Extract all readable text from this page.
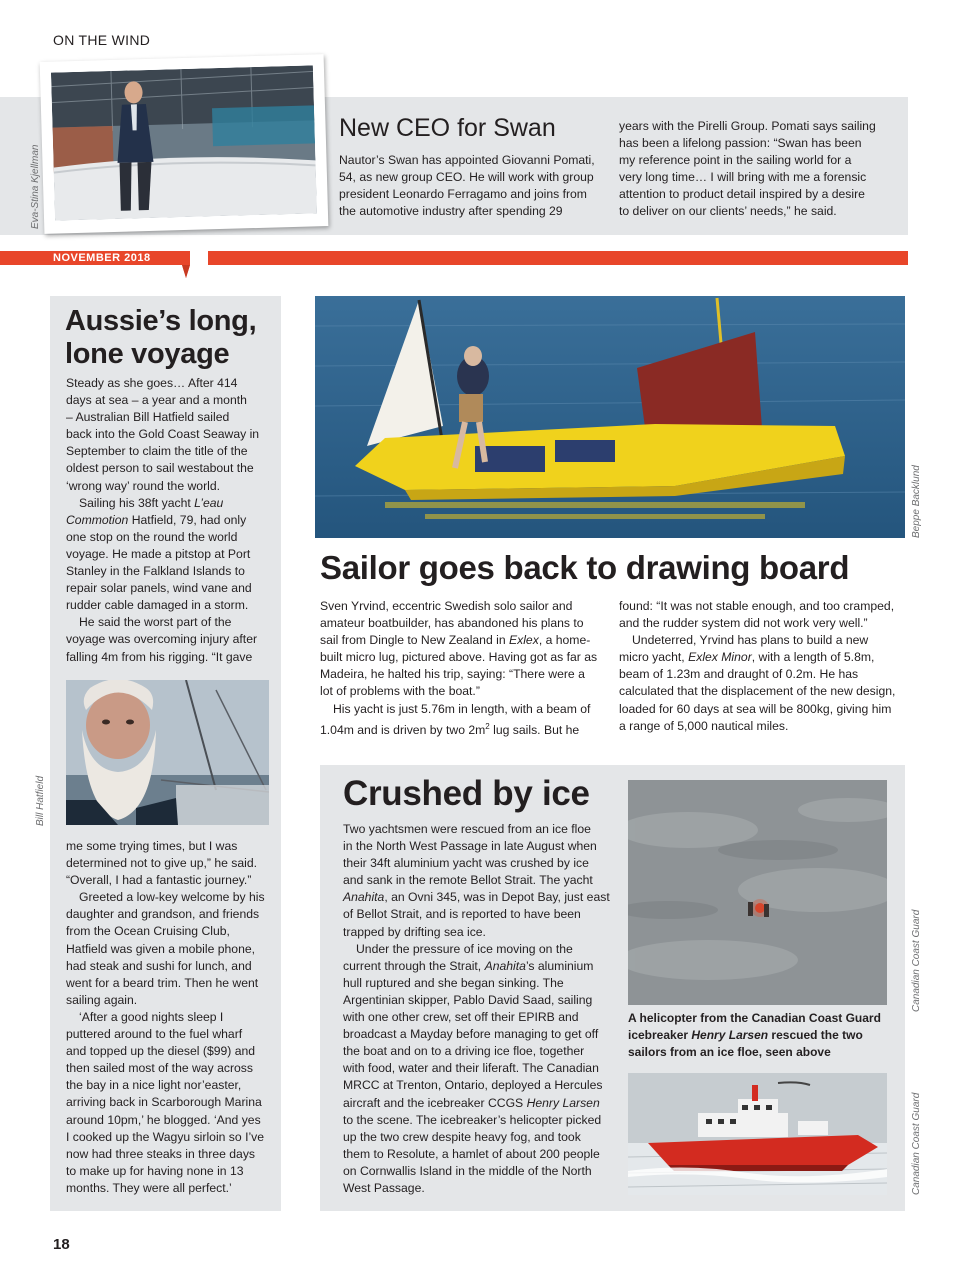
ON THE WIND
Eva-Stina Kjellman
New CEO for Swan
Nautor’s Swan has appointed Giovanni Pomati,
54, as new group CEO. He will work with group
president Leonardo Ferragamo and joins from
the automotive industry after spending 29
years with the Pirelli Group. Pomati says sailing
has been a lifelong passion: “Swan has been
my reference point in the sailing world for a
very long time… I will bring with me a forensic
attention to product detail inspired by a desire
to deliver on our clients’ needs,” he said.
NOVEMBER 2018
Aussie’s long,
lone voyage
Steady as she goes… After 414
days at sea – a year and a month
– Australian Bill Hatfield sailed
back into the Gold Coast Seaway in
September to claim the title of the
oldest person to sail westabout the
‘wrong way’ round the world.
Sailing his 38ft yacht L’eau
Commotion Hatfield, 79, had only
one stop on the round the world
voyage. He made a pitstop at Port
Stanley in the Falkland Islands to
repair solar panels, wind vane and
rudder cable damaged in a storm.
He said the worst part of the
voyage was overcoming injury after
falling 4m from his rigging. “It gave
Bill Hatfield
me some trying times, but I was
determined not to give up,” he said.
“Overall, I had a fantastic journey.”
Greeted a low-key welcome by his
daughter and grandson, and friends
from the Ocean Cruising Club,
Hatfield was given a mobile phone,
had steak and sushi for lunch, and
went for a beard trim. Then he went
sailing again.
‘After a good nights sleep I
puttered around to the fuel wharf
and topped up the diesel ($99) and
then sailed most of the way across
the bay in a nice light nor’easter,
arriving back in Scarborough Marina
around 10pm,’ he blogged. ‘And yes
I cooked up the Wagyu sirloin so I’ve
now had three steaks in three days
to make up for having none in 13
months. They were all perfect.’
Beppe Backlund
Sailor goes back to drawing board
Sven Yrvind, eccentric Swedish solo sailor and
amateur boatbuilder, has abandoned his plans to
sail from Dingle to New Zealand in Exlex, a home-
built micro lug, pictured above. Having got as far as
Madeira, he halted his trip, saying: “There were a
lot of problems with the boat.”
His yacht is just 5.76m in length, with a beam of
1.04m and is driven by two $2m^2$ lug sails. But he
found: “It was not stable enough, and too cramped,
and the rudder system did not work very well.”
Undeterred, Yrvind has plans to build a new
micro yacht, Exlex Minor, with a length of 5.8m,
beam of 1.23m and draught of 0.2m. He has
calculated that the displacement of the new design,
loaded for 60 days at sea will be 800kg, giving him
a range of 5,000 nautical miles.
Crushed by ice
Two yachtsmen were rescued from an ice floe
in the North West Passage in late August when
their 34ft aluminium yacht was crushed by ice
and sank in the remote Bellot Strait. The yacht
Anahita, an Ovni 345, was in Depot Bay, just east
of Bellot Strait, and is reported to have been
trapped by drifting sea ice.
Under the pressure of ice moving on the
current through the Strait, Anahita’s aluminium
hull ruptured and she began sinking. The
Argentinian skipper, Pablo David Saad, sailing
with one other crew, set off their EPIRB and
broadcast a Mayday before managing to get off
the boat and on to a driving ice floe, together
with food, water and their liferaft. The Canadian
MRCC at Trenton, Ontario, deployed a Hercules
aircraft and the icebreaker CCGS Henry Larsen
to the scene. The icebreaker’s helicopter picked
up the two crew despite heavy fog, and took
them to Resolute, a hamlet of about 200 people
on Cornwallis Island in the middle of the North
West Passage.
Canadian Coast Guard
A helicopter from the Canadian Coast Guard
icebreaker Henry Larsen rescued the two
sailors from an ice floe, seen above
Canadian Coast Guard
18
